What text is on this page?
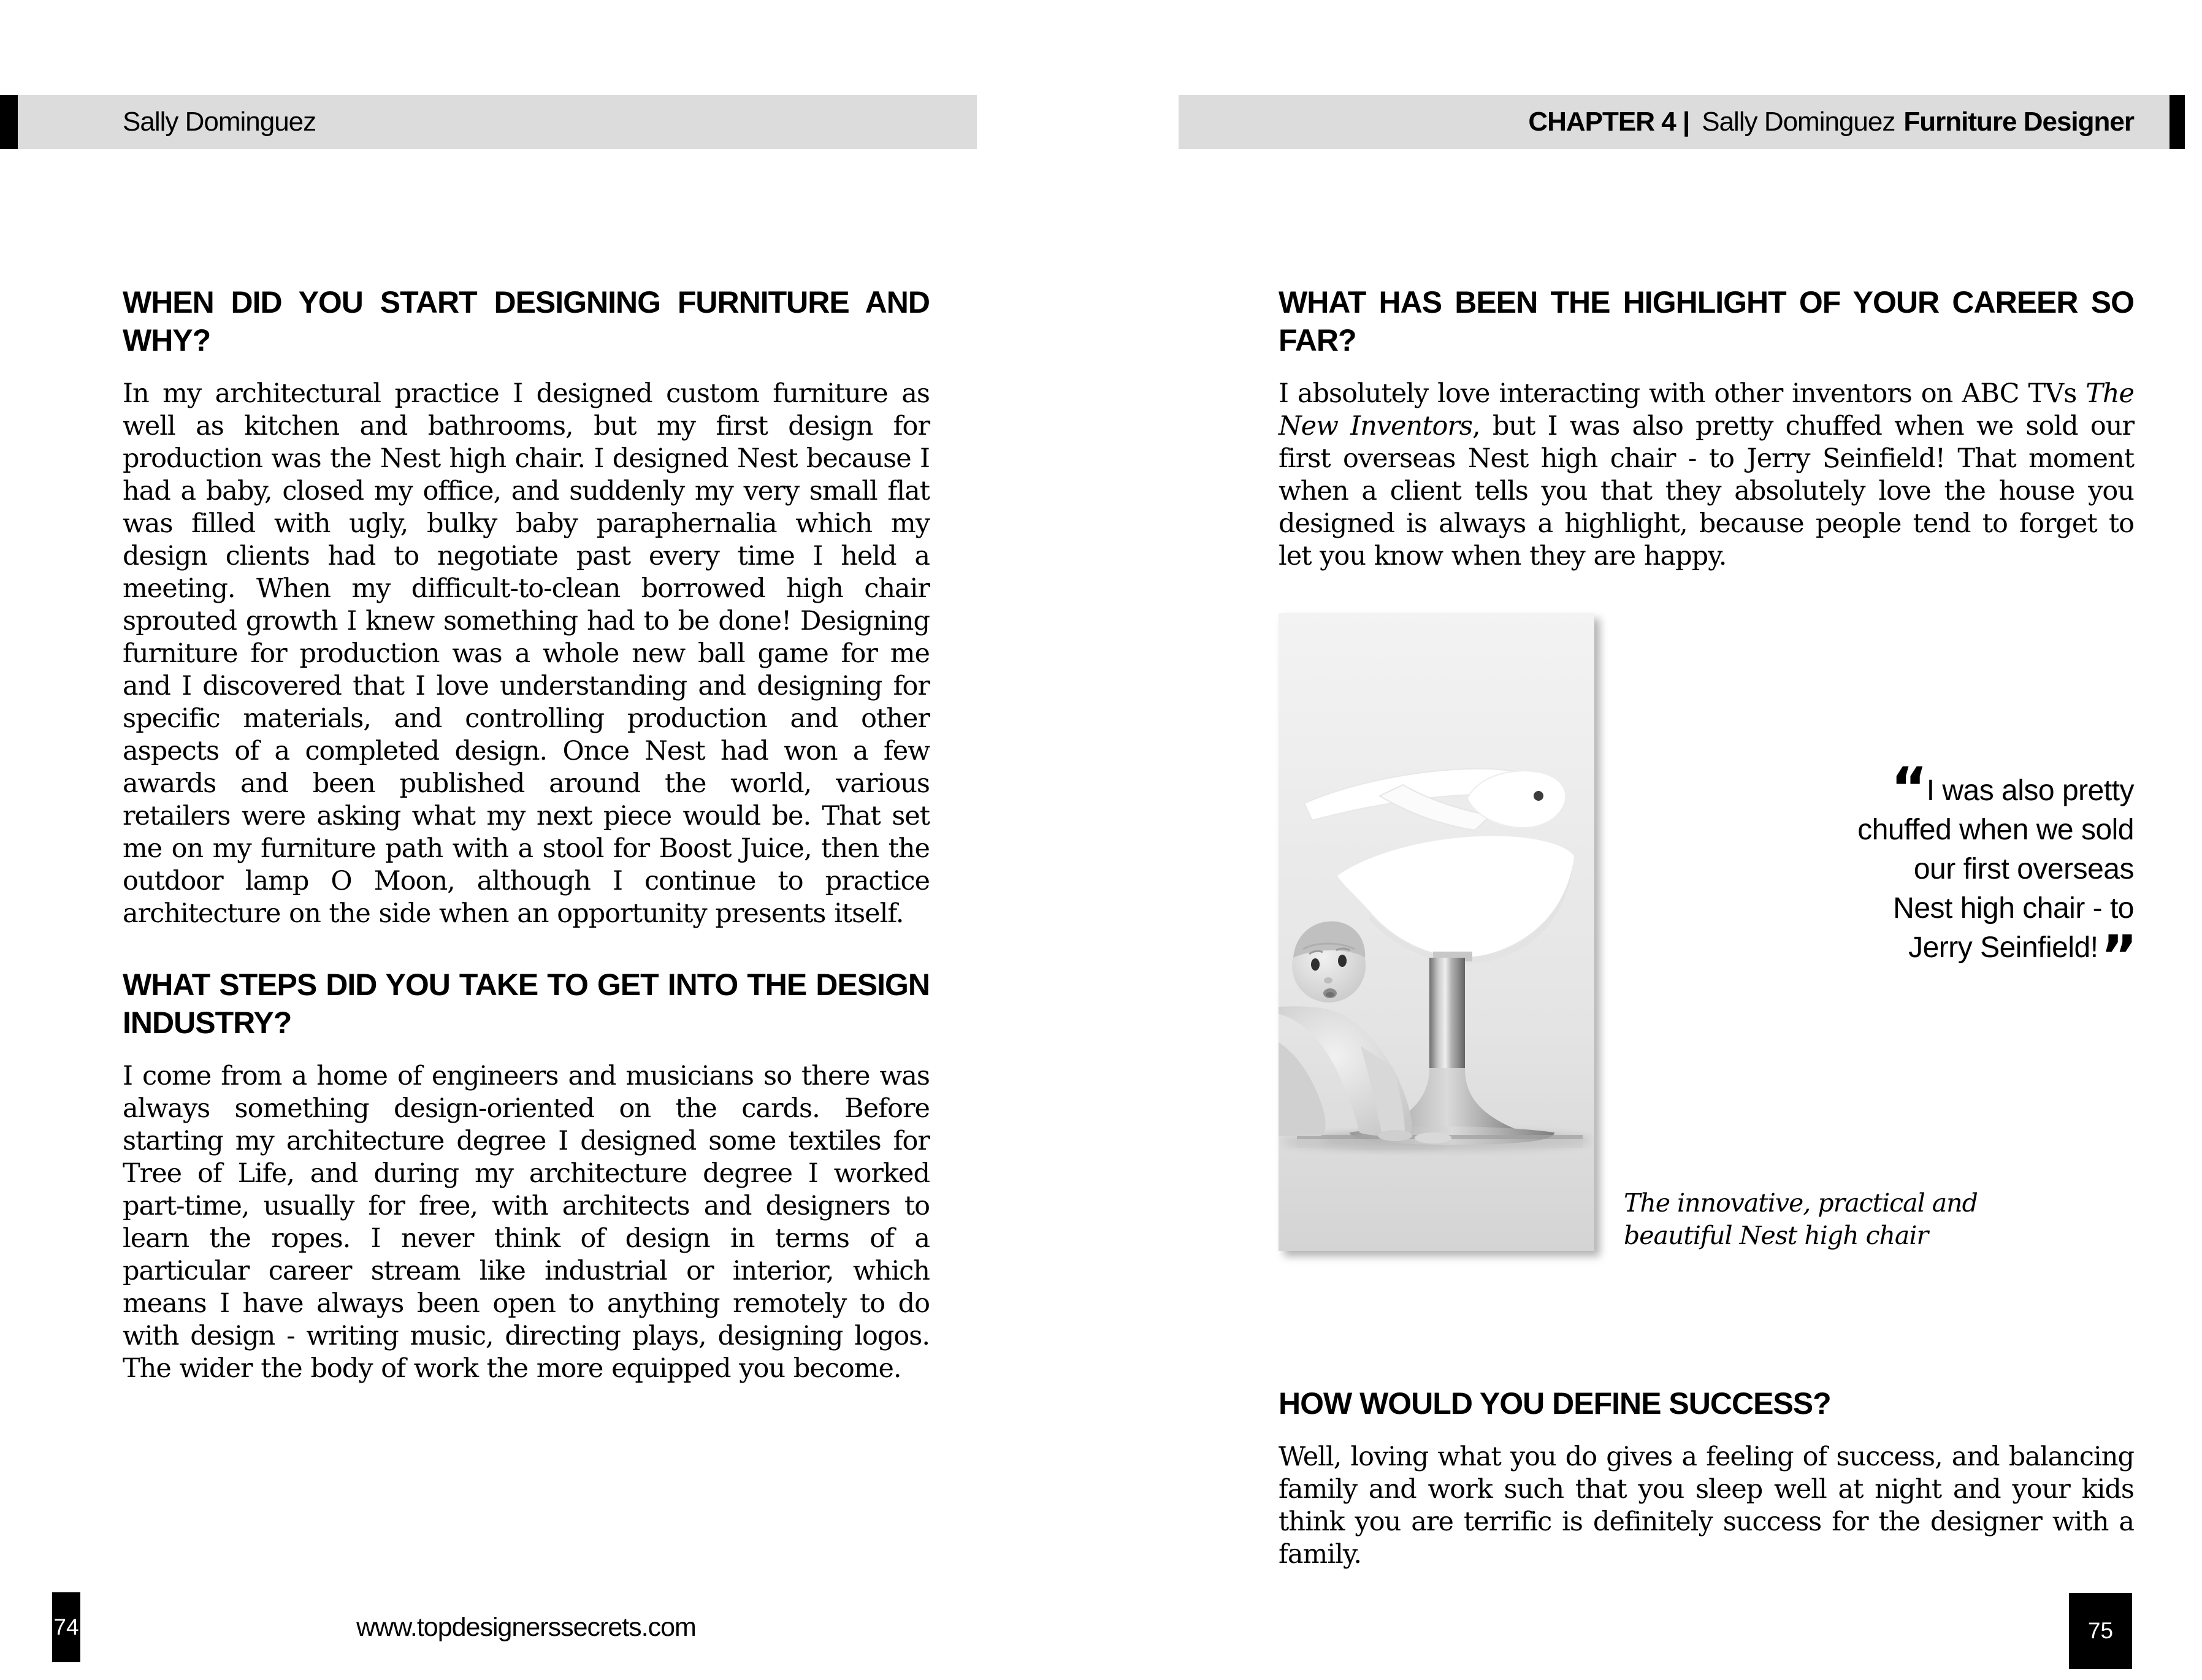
Sally Dominguez	CHAPTER 4 | Sally Dominguez Furniture Designer
WHEN DID YOU START DESIGNING FURNITURE AND WHY?

In my architectural practice I designed custom furniture as well as kitchen and bathrooms, but my first design for production was the Nest high chair. I designed Nest because I had a baby, closed my office, and suddenly my very small flat was filled with ugly, bulky baby paraphernalia which my design clients had to negotiate past every time I held a meeting. When my difficult-to-clean borrowed high chair sprouted growth I knew something had to be done! Designing furniture for production was a whole new ball game for me and I discovered that I love understanding and designing for specific materials, and controlling production and other aspects of a completed design. Once Nest had won a few awards and been published around the world, various retailers were asking what my next piece would be. That set me on my furniture path with a stool for Boost Juice, then the outdoor lamp O Moon, although I continue to practice architecture on the side when an opportunity presents itself.

WHAT STEPS DID YOU TAKE TO GET INTO THE DESIGN INDUSTRY?

I come from a home of engineers and musicians so there was always something design-oriented on the cards. Before starting my architecture degree I designed some textiles for Tree of Life, and during my architecture degree I worked part-time, usually for free, with architects and designers to learn the ropes. I never think of design in terms of a particular career stream like industrial or interior, which means I have always been open to anything remotely to do with design - writing music, directing plays, designing logos. The wider the body of work the more equipped you become.

www.topdesignerssecrets.com
74
WHAT HAS BEEN THE HIGHLIGHT OF YOUR CAREER SO FAR?

I absolutely love interacting with other inventors on ABC TVs The New Inventors, but I was also pretty chuffed when we sold our first overseas Nest high chair - to Jerry Seinfield! That moment when a client tells you that they absolutely love the house you designed is always a highlight, because people tend to forget to let you know when they are happy.

“I was also pretty
chuffed when we sold
our first overseas
Nest high chair - to
Jerry Seinfield!”
The innovative, practical and beautiful Nest high chair
HOW WOULD YOU DEFINE SUCCESS?

Well, loving what you do gives a feeling of success, and balancing family and work such that you sleep well at night and your kids think you are terrific is definitely success for the designer with a family.

75
